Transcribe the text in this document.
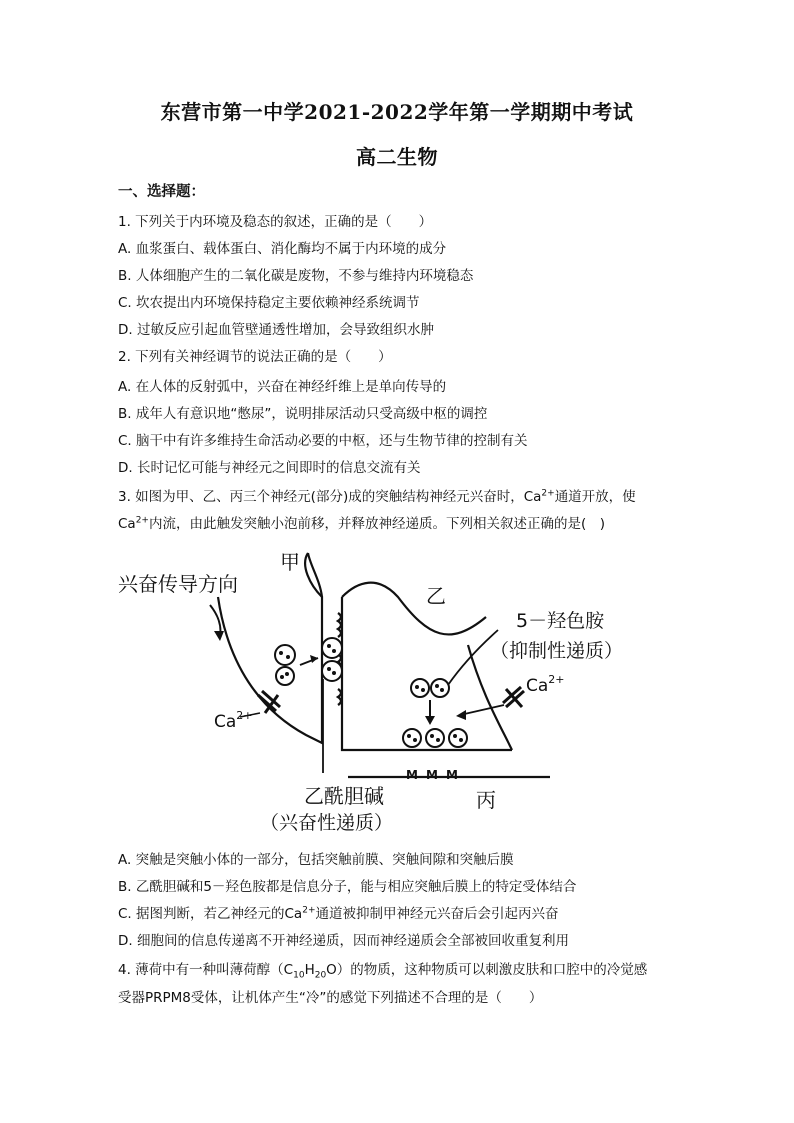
东营市第一中学2021-2022学年第一学期期中考试
高二生物
一、选择题：
1. 下列关于内环境及稳态的叙述，正确的是（　　）
A. 血浆蛋白、载体蛋白、消化酶均不属于内环境的成分
B. 人体细胞产生的二氧化碳是废物，不参与维持内环境稳态
C. 坎农提出内环境保持稳定主要依赖神经系统调节
D. 过敏反应引起血管壁通透性增加，会导致组织水肿
2. 下列有关神经调节的说法正确的是（　　）
A. 在人体的反射弧中，兴奋在神经纤维上是单向传导的
B. 成年人有意识地“憋尿”，说明排尿活动只受高级中枢的调控
C. 脑干中有许多维持生命活动必要的中枢，还与生物节律的控制有关
D. 长时记忆可能与神经元之间即时的信息交流有关
3. 如图为甲、乙、丙三个神经元(部分)成的突触结构神经元兴奋时，$Ca^{2+}$通道开放，使
$Ca^{2+}$内流，由此触发突触小泡前移，并释放神经递质。下列相关叙述正确的是(　)
M M M
甲
乙
丙
兴奋传导方向
5－羟色胺
（抑制性递质）
乙酰胆碱
（兴奋性递质）
$Ca^{2+}$
$Ca^{2+}$
A. 突触是突触小体的一部分，包括突触前膜、突触间隙和突触后膜
B. 乙酰胆碱和5－羟色胺都是信息分子，能与相应突触后膜上的特定受体结合
C. 据图判断，若乙神经元的$Ca^{2+}$通道被抑制甲神经元兴奋后会引起丙兴奋
D. 细胞间的信息传递离不开神经递质，因而神经递质会全部被回收重复利用
4. 薄荷中有一种叫薄荷醇$(C_{10}H_{20}O)$的物质，这种物质可以刺激皮肤和口腔中的冷觉感
受器PRPM8受体，让机体产生“冷”的感觉下列描述不合理的是（　　）
